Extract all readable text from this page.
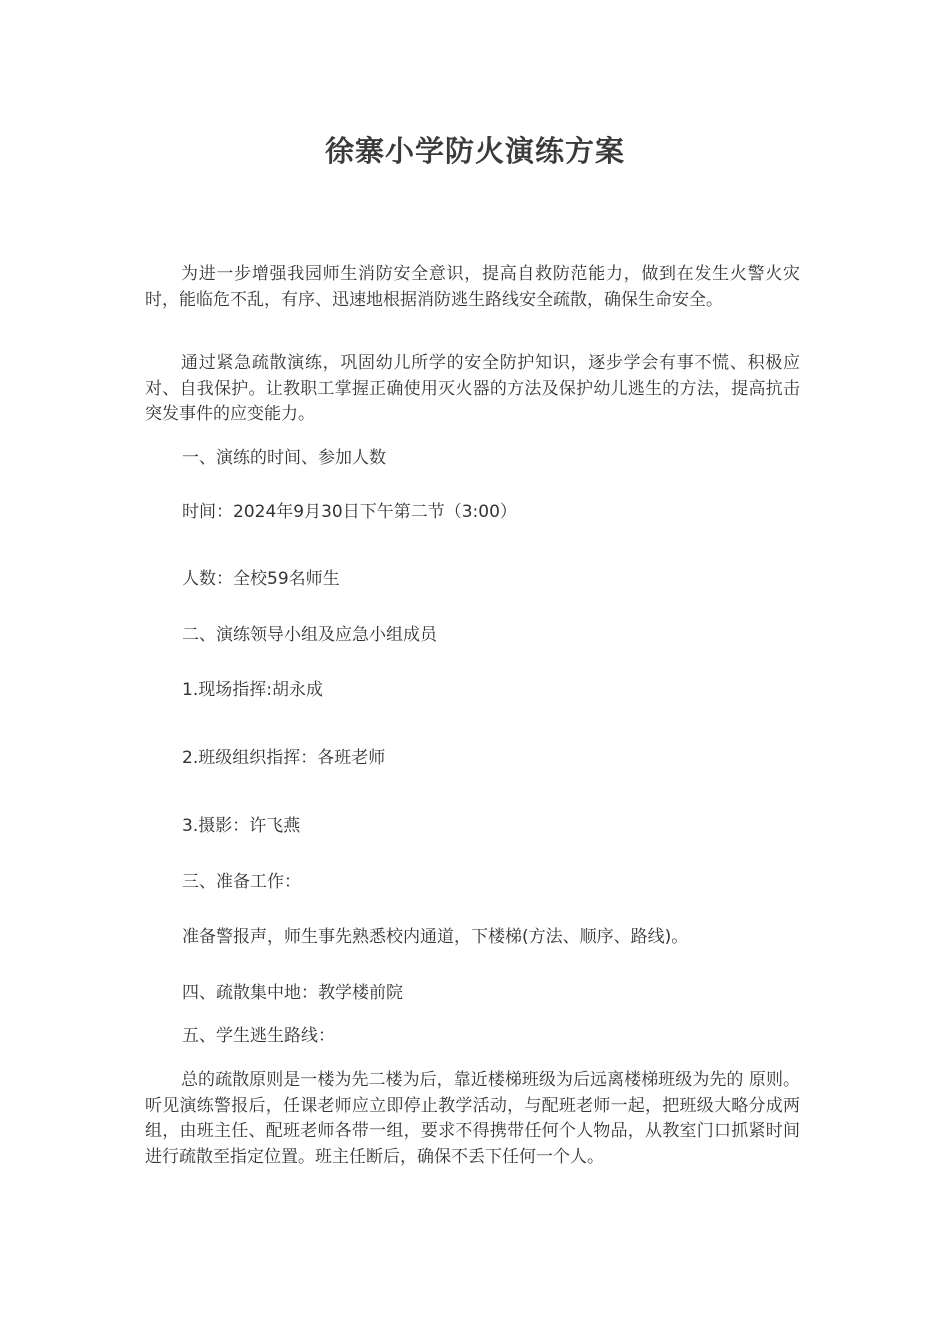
徐寨小学防火演练方案

为进一步增强我园师生消防安全意识，提高自救防范能力，做到在发生火警火灾时，能临危不乱，有序、迅速地根据消防逃生路线安全疏散，确保生命安全。

通过紧急疏散演练，巩固幼儿所学的安全防护知识，逐步学会有事不慌、积极应对、自我保护。让教职工掌握正确使用灭火器的方法及保护幼儿逃生的方法，提高抗击突发事件的应变能力。

一、演练的时间、参加人数

时间：2024年9月30日下午第二节（3:00）

人数：全校59名师生

二、演练领导小组及应急小组成员

1.现场指挥:胡永成

2.班级组织指挥：各班老师

3.摄影：许飞燕

三、准备工作：

准备警报声，师生事先熟悉校内通道，下楼梯(方法、顺序、路线)。

四、疏散集中地：教学楼前院

五、学生逃生路线：

总的疏散原则是一楼为先二楼为后，靠近楼梯班级为后远离楼梯班级为先的 原则。听见演练警报后，任课老师应立即停止教学活动，与配班老师一起，把班级大略分成两组，由班主任、配班老师各带一组，要求不得携带任何个人物品，从教室门口抓紧时间进行疏散至指定位置。班主任断后，确保不丢下任何一个人。
